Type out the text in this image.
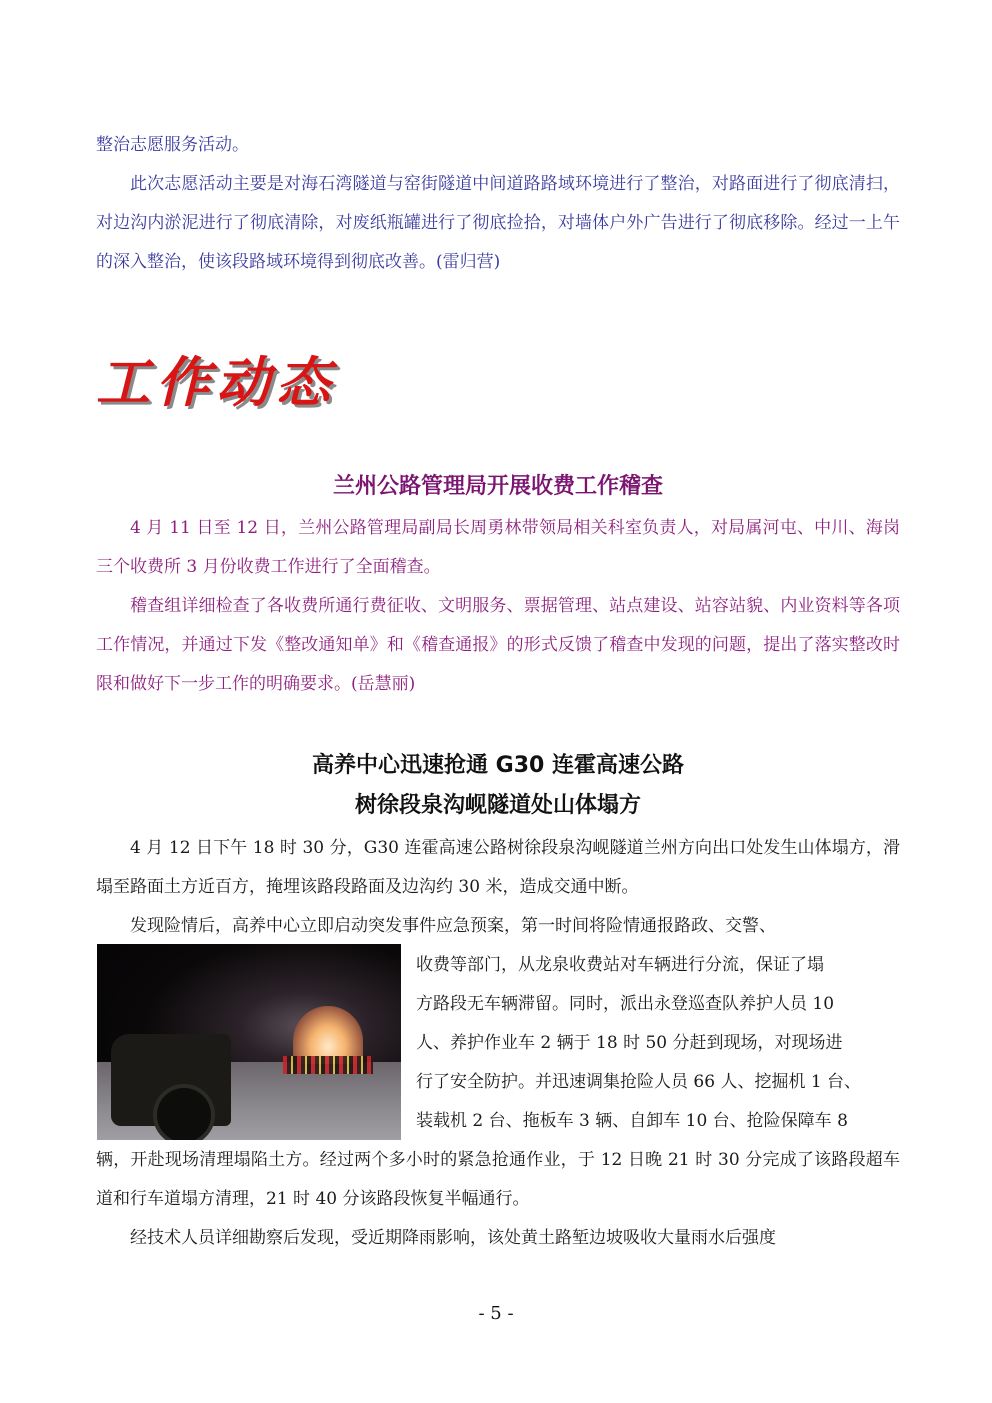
整治志愿服务活动。

此次志愿活动主要是对海石湾隧道与窑街隧道中间道路路域环境进行了整治，对路面进行了彻底清扫，对边沟内淤泥进行了彻底清除，对废纸瓶罐进行了彻底捡拾，对墙体户外广告进行了彻底移除。经过一上午的深入整治，使该段路域环境得到彻底改善。(雷归营)

工作动态
兰州公路管理局开展收费工作稽查

4 月 11 日至 12 日，兰州公路管理局副局长周勇林带领局相关科室负责人，对局属河屯、中川、海岗三个收费所 3 月份收费工作进行了全面稽查。

稽查组详细检查了各收费所通行费征收、文明服务、票据管理、站点建设、站容站貌、内业资料等各项工作情况，并通过下发《整改通知单》和《稽查通报》的形式反馈了稽查中发现的问题，提出了落实整改时限和做好下一步工作的明确要求。(岳慧丽)

高养中心迅速抢通 G30 连霍高速公路
树徐段泉沟岘隧道处山体塌方

4 月 12 日下午 18 时 30 分，G30 连霍高速公路树徐段泉沟岘隧道兰州方向出口处发生山体塌方，滑塌至路面土方近百方，掩埋该路段路面及边沟约 30 米，造成交通中断。

发现险情后，高养中心立即启动突发事件应急预案，第一时间将险情通报路政、交警、

收费等部门，从龙泉收费站对车辆进行分流，保证了塌

方路段无车辆滞留。同时，派出永登巡查队养护人员 10

人、养护作业车 2 辆于 18 时 50 分赶到现场，对现场进

行了安全防护。并迅速调集抢险人员 66 人、挖掘机 1 台、

装载机 2 台、拖板车 3 辆、自卸车 10 台、抢险保障车 8

辆，开赴现场清理塌陷土方。经过两个多小时的紧急抢通作业，于 12 日晚 21 时 30 分完成了该路段超车道和行车道塌方清理，21 时 40 分该路段恢复半幅通行。

经技术人员详细勘察后发现，受近期降雨影响，该处黄土路堑边坡吸收大量雨水后强度

- 5 -
